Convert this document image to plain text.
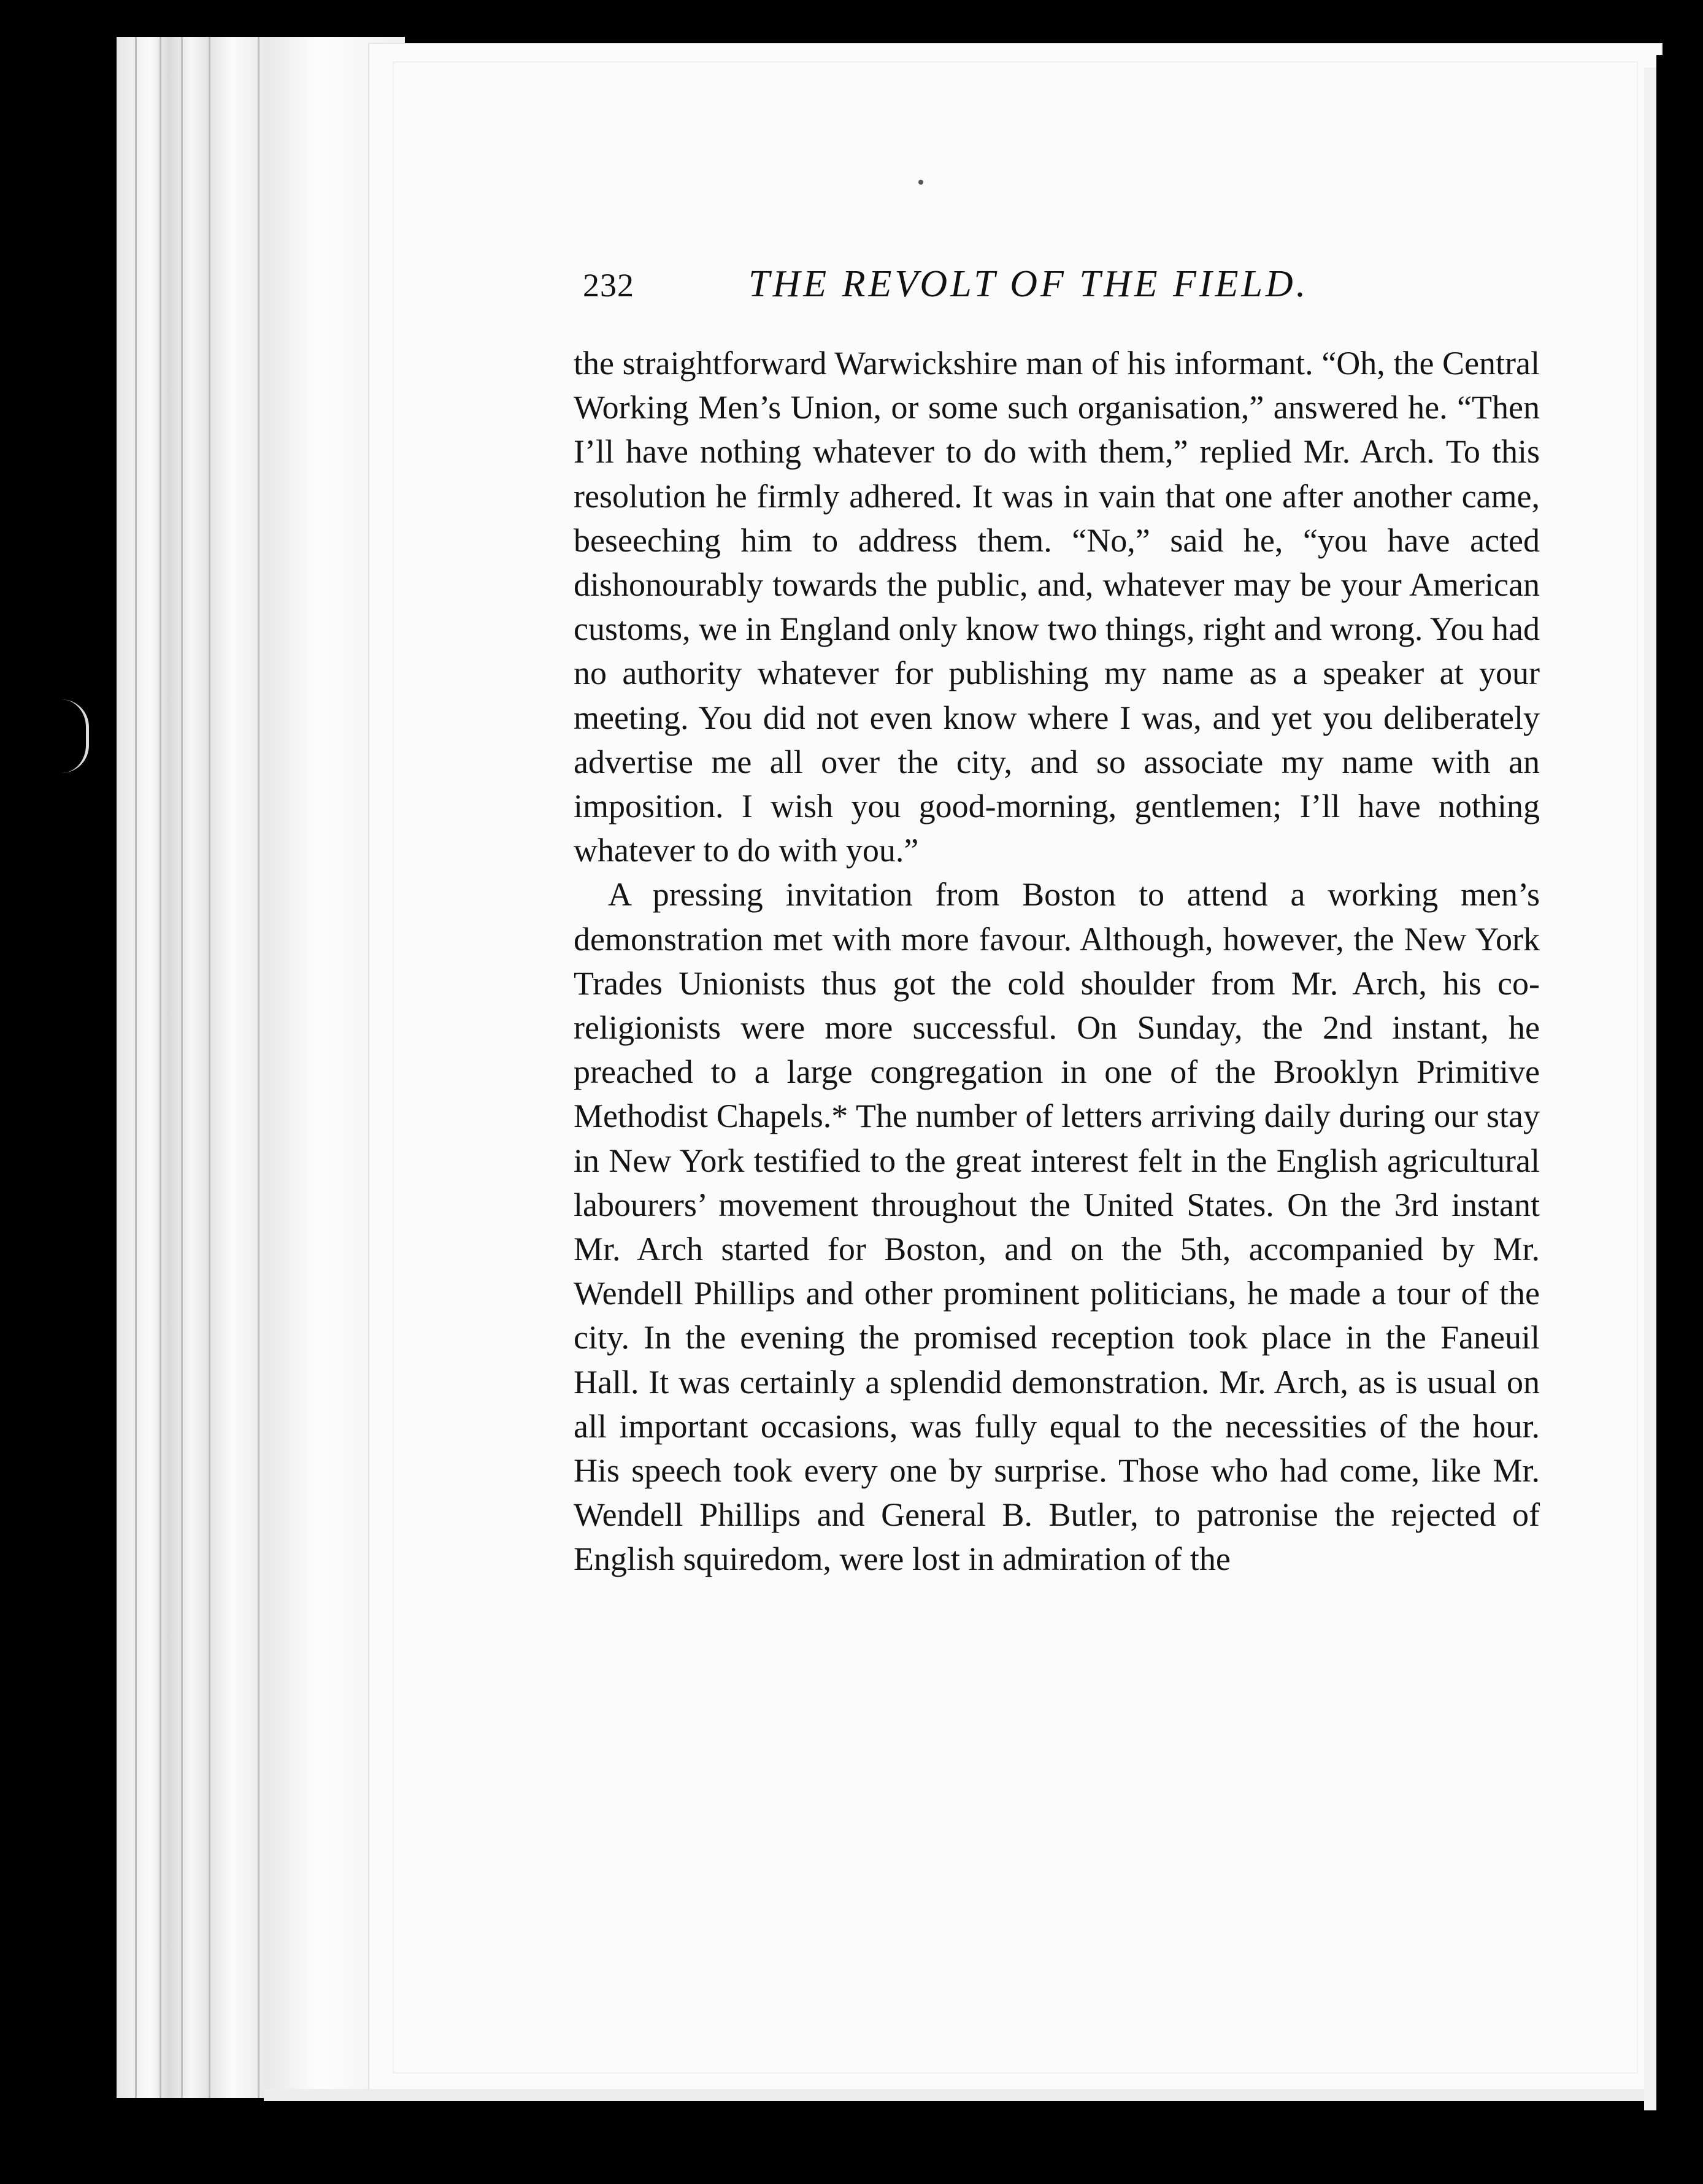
232	THE REVOLT OF THE FIELD.

the straightforward Warwickshire man of his informant. “Oh, the Central Working Men’s Union, or some such organisation,” answered he. “Then I’ll have nothing whatever to do with them,” replied Mr. Arch. To this resolution he firmly adhered. It was in vain that one after another came, beseeching him to address them. “No,” said he, “you have acted dishonourably towards the public, and, whatever may be your American customs, we in England only know two things, right and wrong. You had no authority whatever for publishing my name as a speaker at your meeting. You did not even know where I was, and yet you deliberately advertise me all over the city, and so associate my name with an imposition. I wish you good-morning, gentlemen; I’ll have nothing whatever to do with you.”

A pressing invitation from Boston to attend a working men’s demonstration met with more favour. Although, however, the New York Trades Unionists thus got the cold shoulder from Mr. Arch, his co-religionists were more successful. On Sunday, the 2nd instant, he preached to a large congregation in one of the Brooklyn Primitive Methodist Chapels.* The number of letters arriving daily during our stay in New York testified to the great interest felt in the English agricultural labourers’ movement throughout the United States. On the 3rd instant Mr. Arch started for Boston, and on the 5th, accompanied by Mr. Wendell Phillips and other prominent politicians, he made a tour of the city. In the evening the promised reception took place in the Faneuil Hall. It was certainly a splendid demonstration. Mr. Arch, as is usual on all important occasions, was fully equal to the necessities of the hour. His speech took every one by surprise. Those who had come, like Mr. Wendell Phillips and General B. Butler, to patronise the rejected of English squiredom, were lost in admiration of the
